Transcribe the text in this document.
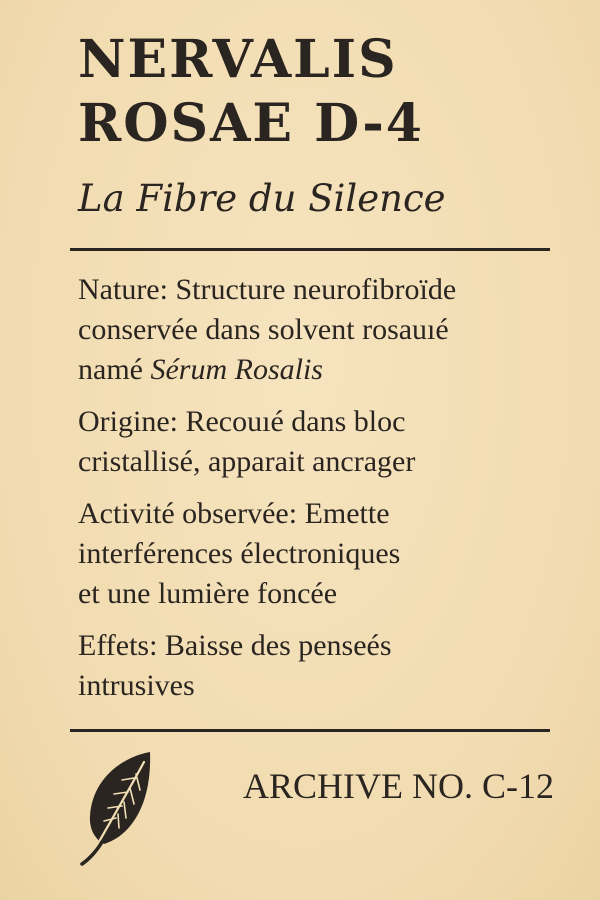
NERVALIS
ROSAE D-4

La Fibre du Silence

Nature: Structure neurofibroïde
conservée dans solvent rosauıé
namé Sérum Rosalis

Origine: Recouıé dans bloc
cristallisé, apparait ancrager

Activité observée: Emette
interférences électroniques
et une lumière foncée

Effets: Baisse des penseés
intrusives

ARCHIVE NO. C-12
